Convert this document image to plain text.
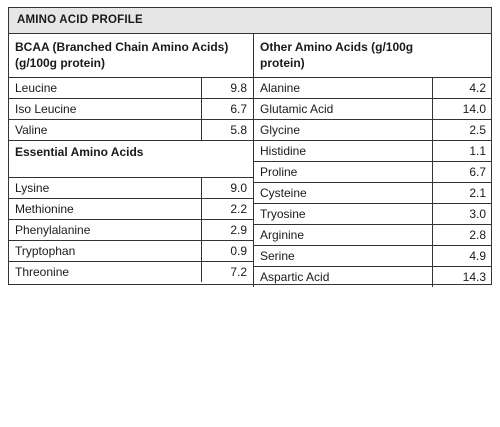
AMINO ACID PROFILE
BCAA (Branched Chain Amino Acids) (g/100g protein)
Leucine	9.8
Iso Leucine	6.7
Valine	5.8
Essential Amino Acids
Lysine	9.0
Methionine	2.2
Phenylalanine	2.9
Tryptophan	0.9
Threonine	7.2
Other Amino Acids (g/100g protein)
Alanine	4.2
Glutamic Acid	14.0
Glycine	2.5
Histidine	1.1
Proline	6.7
Cysteine	2.1
Tryosine	3.0
Arginine	2.8
Serine	4.9
Aspartic Acid	14.3
